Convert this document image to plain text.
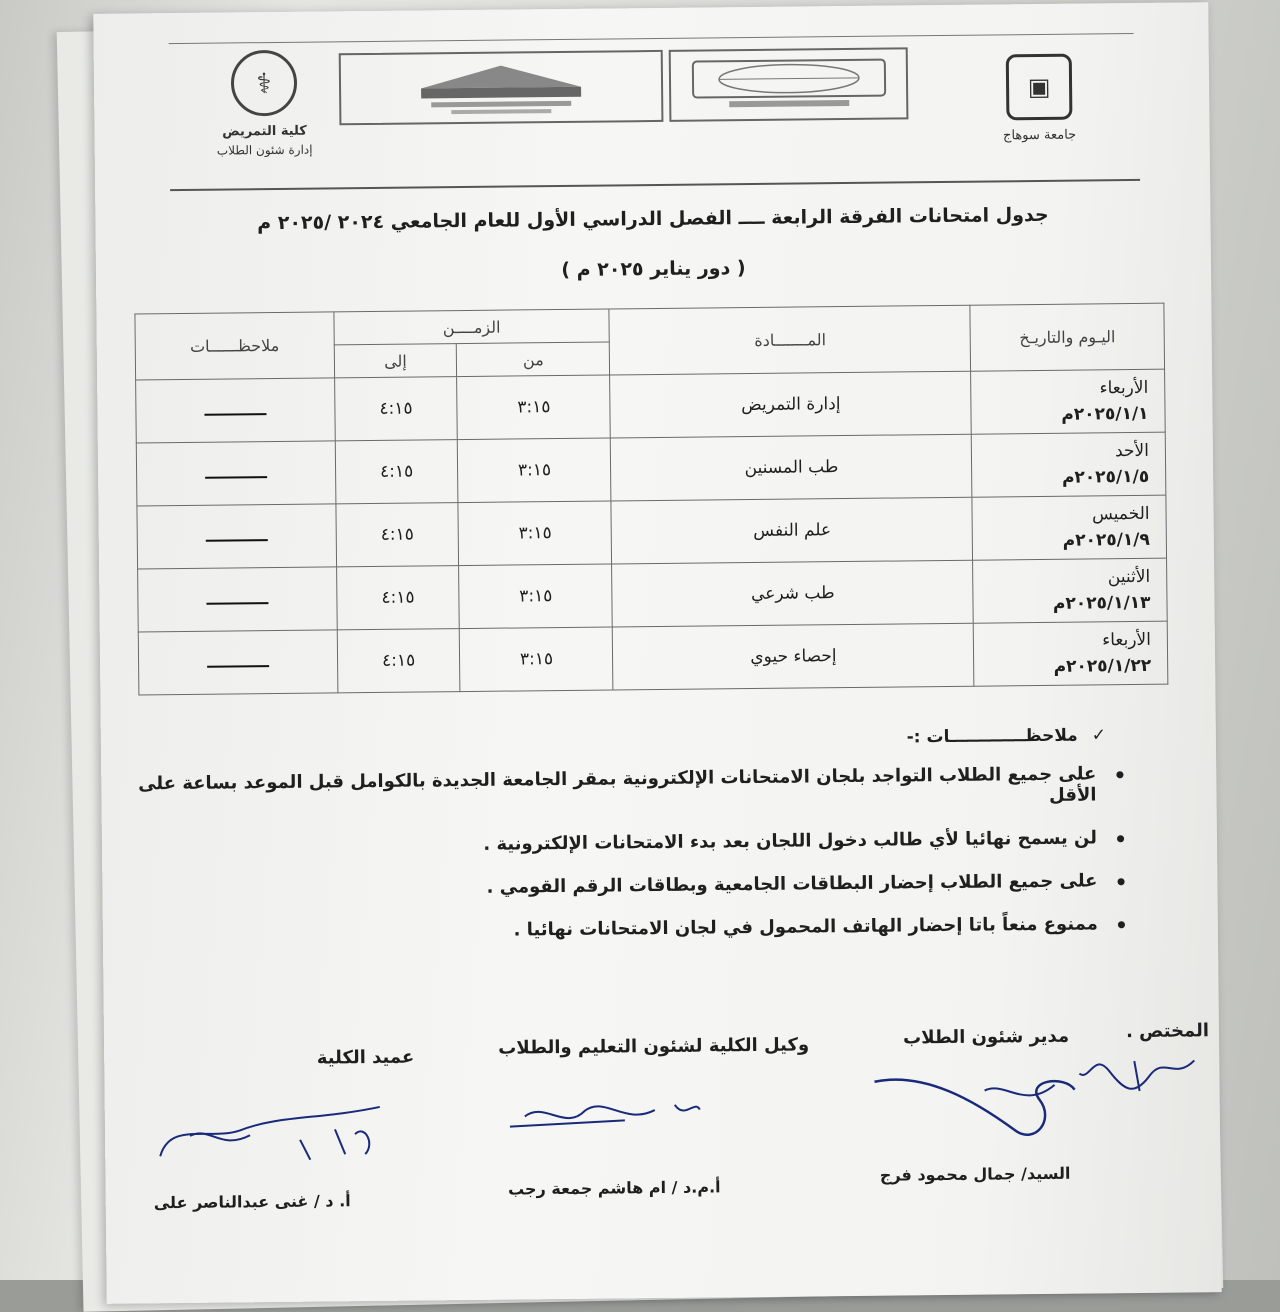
▣
جامعة سوهاج
⚕
كلية التمريض
إدارة شئون الطلاب
جدول امتحانات الفرقة الرابعة ــــ الفصل الدراسي الأول للعام الجامعي ٢٠٢٤ /٢٠٢٥ م
( دور يناير ٢٠٢٥ م )
اليـوم والتاريـخ	المـــــــادة	الزمــــن		ملاحظــــــات
		من	إلى	

الأربعاء
٢٠٢٥/١/١م	إدارة التمريض	٣:١٥	٤:١٥	

الأحد
٢٠٢٥/١/٥م	طب المسنين	٣:١٥	٤:١٥	

الخميس
٢٠٢٥/١/٩م	علم النفس	٣:١٥	٤:١٥	

الأثنين
٢٠٢٥/١/١٣م	طب شرعي	٣:١٥	٤:١٥	

الأربعاء
٢٠٢٥/١/٢٢م	إحصاء حيوي	٣:١٥	٤:١٥	
✓ ملاحظـــــــــــــات :-
• على جميع الطلاب التواجد بلجان الامتحانات الإلكترونية بمقر الجامعة الجديدة بالكوامل قبل الموعد بساعة على الأقل
• لن يسمح نهائيا لأي طالب دخول اللجان بعد بدء الامتحانات الإلكترونية .
• على جميع الطلاب إحضار البطاقات الجامعية وبطاقات الرقم القومي .
• ممنوع منعاً باتا إحضار الهاتف المحمول في لجان الامتحانات نهائيا .
المختص .
مدير شئون الطلاب
وكيل الكلية لشئون التعليم والطلاب
عميد الكلية
السيد/ جمال محمود فرج
أ.م.د / ام هاشم جمعة رجب
أ. د / غنى عبدالناصر على
